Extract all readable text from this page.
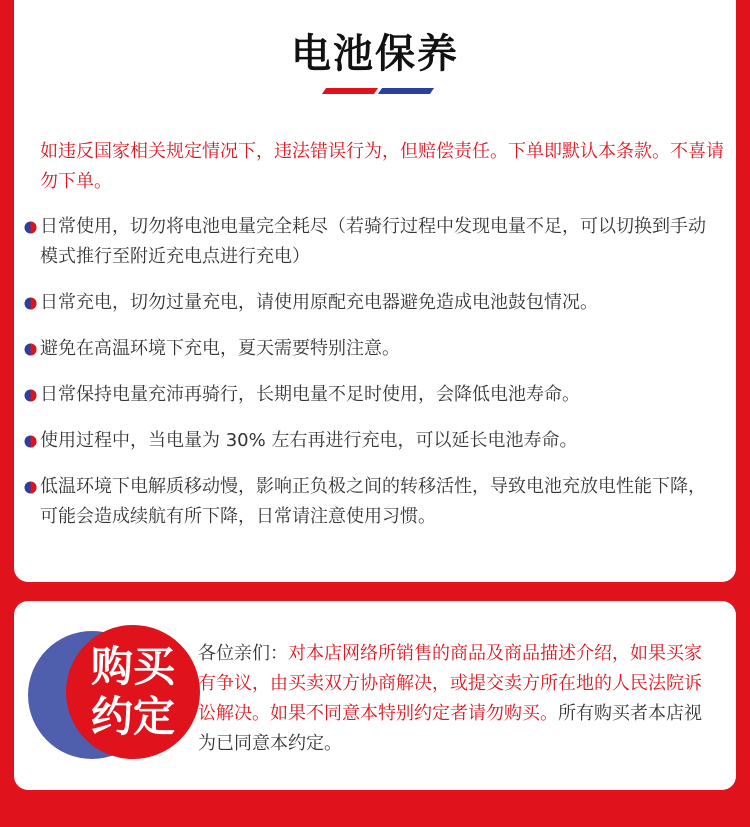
电池保养
如违反国家相关规定情况下，违法错误行为，但赔偿责任。下单即默认本条款。不喜请勿下单。
日常使用，切勿将电池电量完全耗尽（若骑行过程中发现电量不足，可以切换到手动模式推行至附近充电点进行充电）
日常充电，切勿过量充电，请使用原配充电器避免造成电池鼓包情况。
避免在高温环境下充电，夏天需要特别注意。
日常保持电量充沛再骑行，长期电量不足时使用，会降低电池寿命。
使用过程中，当电量为 30% 左右再进行充电，可以延长电池寿命。
低温环境下电解质移动慢，影响正负极之间的转移活性，导致电池充放电性能下降，可能会造成续航有所下降，日常请注意使用习惯。
购买
约定
各位亲们：对本店网络所销售的商品及商品描述介绍，如果买家有争议，由买卖双方协商解决，或提交卖方所在地的人民法院诉讼解决。如果不同意本特别约定者请勿购买。所有购买者本店视为已同意本约定。
